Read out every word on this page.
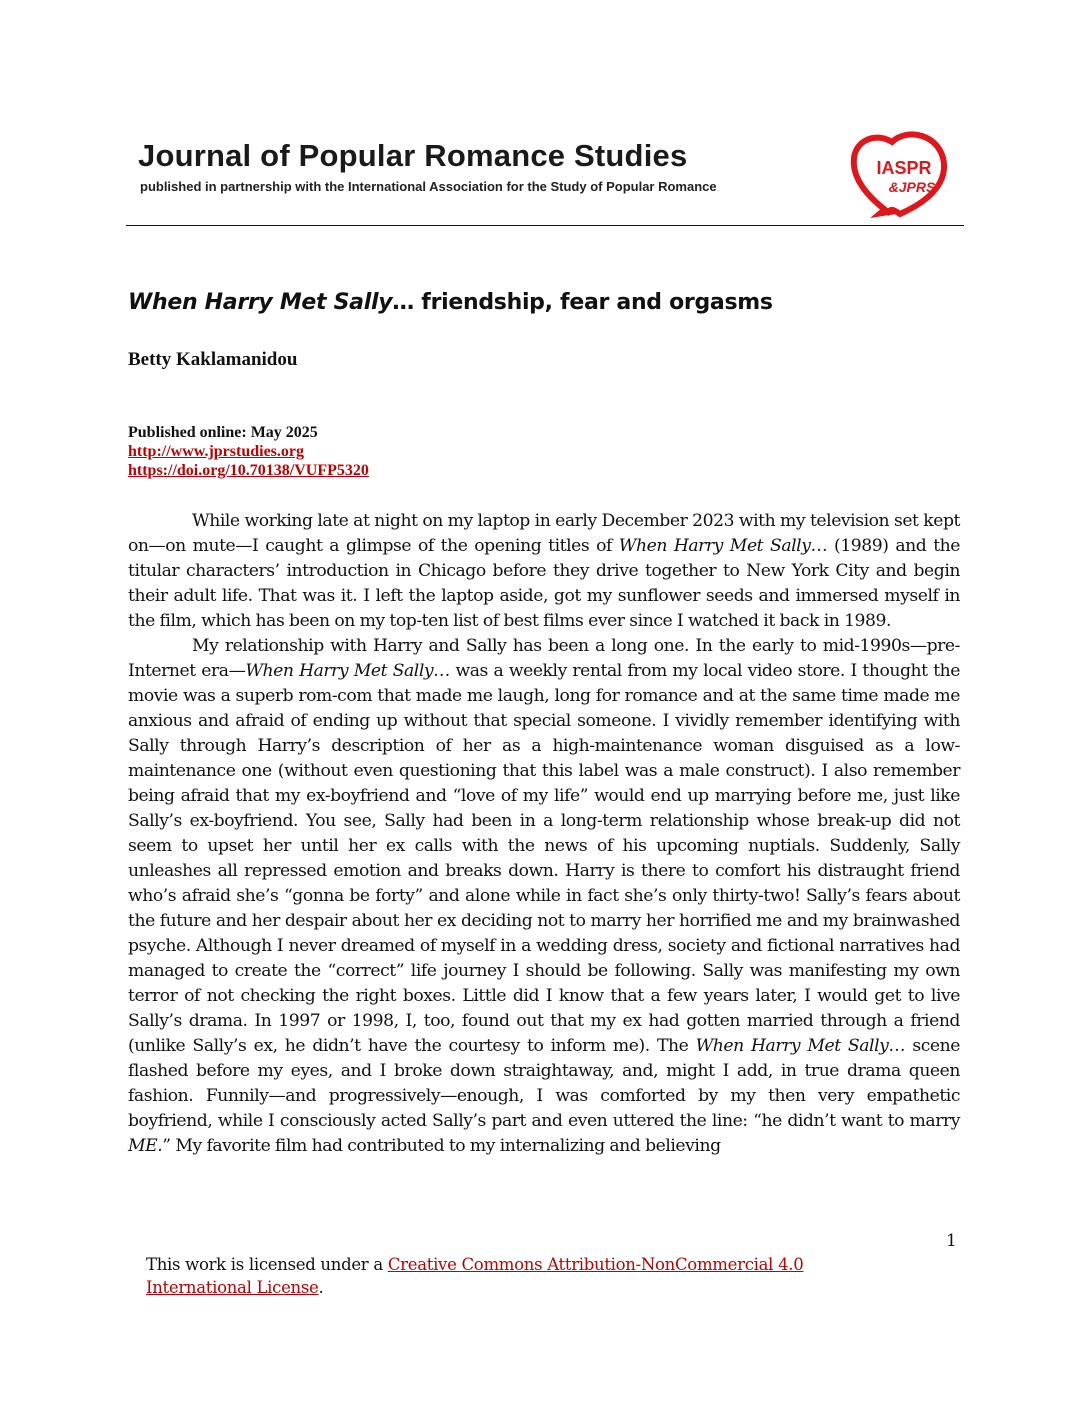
Journal of Popular Romance Studies
published in partnership with the International Association for the Study of Popular Romance
IASPR
&JPRS
When Harry Met Sally… friendship, fear and orgasms
Betty Kaklamanidou
Published online: May 2025
http://www.jprstudies.org
https://doi.org/10.70138/VUFP5320

While working late at night on my laptop in early December 2023 with my television set kept on—on mute—I caught a glimpse of the opening titles of When Harry Met Sally… (1989) and the titular characters’ introduction in Chicago before they drive together to New York City and begin their adult life. That was it. I left the laptop aside, got my sunflower seeds and immersed myself in the film, which has been on my top-ten list of best films ever since I watched it back in 1989.

My relationship with Harry and Sally has been a long one. In the early to mid-1990s—pre-Internet era—When Harry Met Sally… was a weekly rental from my local video store. I thought the movie was a superb rom-com that made me laugh, long for romance and at the same time made me anxious and afraid of ending up without that special someone. I vividly remember identifying with Sally through Harry’s description of her as a high-maintenance woman disguised as a low-maintenance one (without even questioning that this label was a male construct). I also remember being afraid that my ex-boyfriend and “love of my life” would end up marrying before me, just like Sally’s ex-boyfriend. You see, Sally had been in a long-term relationship whose break-up did not seem to upset her until her ex calls with the news of his upcoming nuptials. Suddenly, Sally unleashes all repressed emotion and breaks down. Harry is there to comfort his distraught friend who’s afraid she’s “gonna be forty” and alone while in fact she’s only thirty-two! Sally’s fears about the future and her despair about her ex deciding not to marry her horrified me and my brainwashed psyche. Although I never dreamed of myself in a wedding dress, society and fictional narratives had managed to create the “correct” life journey I should be following. Sally was manifesting my own terror of not checking the right boxes. Little did I know that a few years later, I would get to live Sally’s drama. In 1997 or 1998, I, too, found out that my ex had gotten married through a friend (unlike Sally’s ex, he didn’t have the courtesy to inform me). The When Harry Met Sally… scene flashed before my eyes, and I broke down straightaway, and, might I add, in true drama queen fashion. Funnily—and progressively—enough, I was comforted by my then very empathetic boyfriend, while I consciously acted Sally’s part and even uttered the line: “he didn’t want to marry ME.” My favorite film had contributed to my internalizing and believing

1
This work is licensed under a Creative Commons Attribution-NonCommercial 4.0 International License.
